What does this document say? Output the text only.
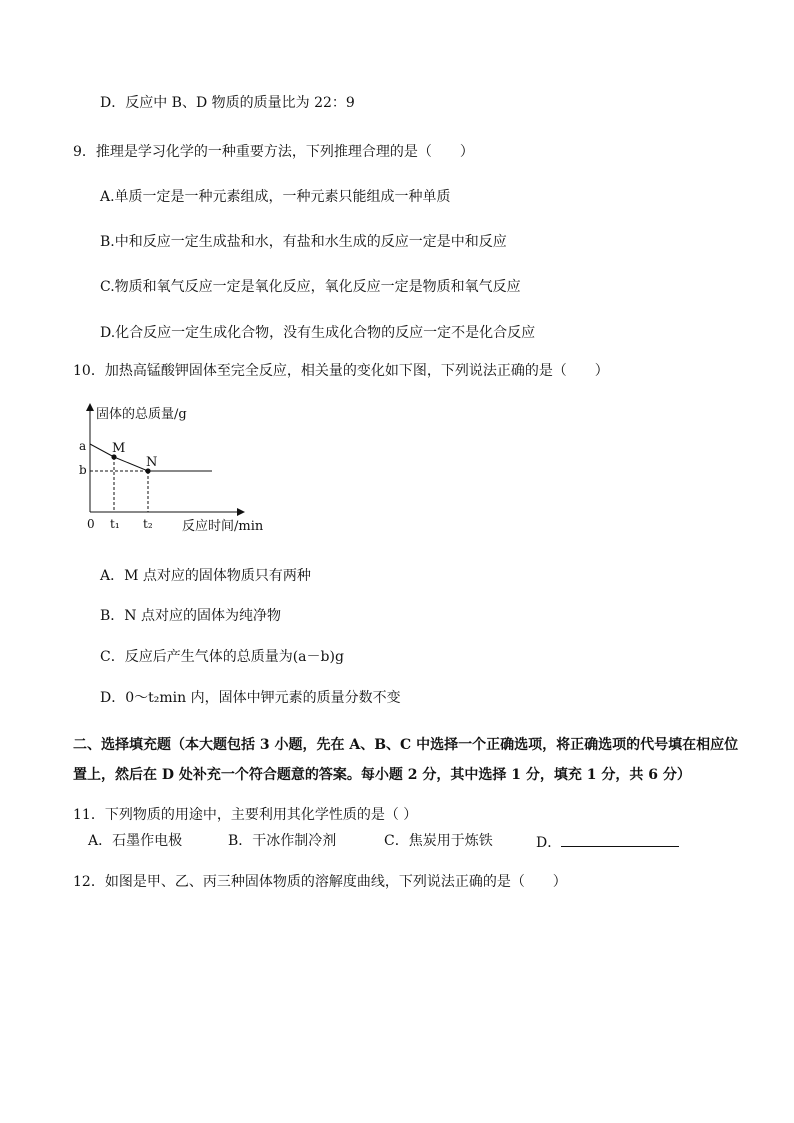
D．反应中 B、D 物质的质量比为 22：9
9．推理是学习化学的一种重要方法，下列推理合理的是（　　）
A.单质一定是一种元素组成，一种元素只能组成一种单质
B.中和反应一定生成盐和水，有盐和水生成的反应一定是中和反应
C.物质和氧气反应一定是氧化反应，氧化反应一定是物质和氧气反应
D.化合反应一定生成化合物，没有生成化合物的反应一定不是化合反应
10．加热高锰酸钾固体至完全反应，相关量的变化如下图，下列说法正确的是（　　）
固体的总质量/g
反应时间/min
0
a
b
t₁ t₂
M
N
A．M 点对应的固体物质只有两种
B．N 点对应的固体为纯净物
C．反应后产生气体的总质量为(a－b)g
D．0～t₂min 内，固体中钾元素的质量分数不变
二、选择填充题（本大题包括 3 小题，先在 A、B、C 中选择一个正确选项，将正确选项的代号填在相应位
置上，然后在 D 处补充一个符合题意的答案。每小题 2 分，其中选择 1 分，填充 1 分，共 6 分）
11．下列物质的用途中，主要利用其化学性质的是（ ）
A．石墨作电极	B．干冰作制冷剂	C．焦炭用于炼铁	D．
12．如图是甲、乙、丙三种固体物质的溶解度曲线，下列说法正确的是（　　）
